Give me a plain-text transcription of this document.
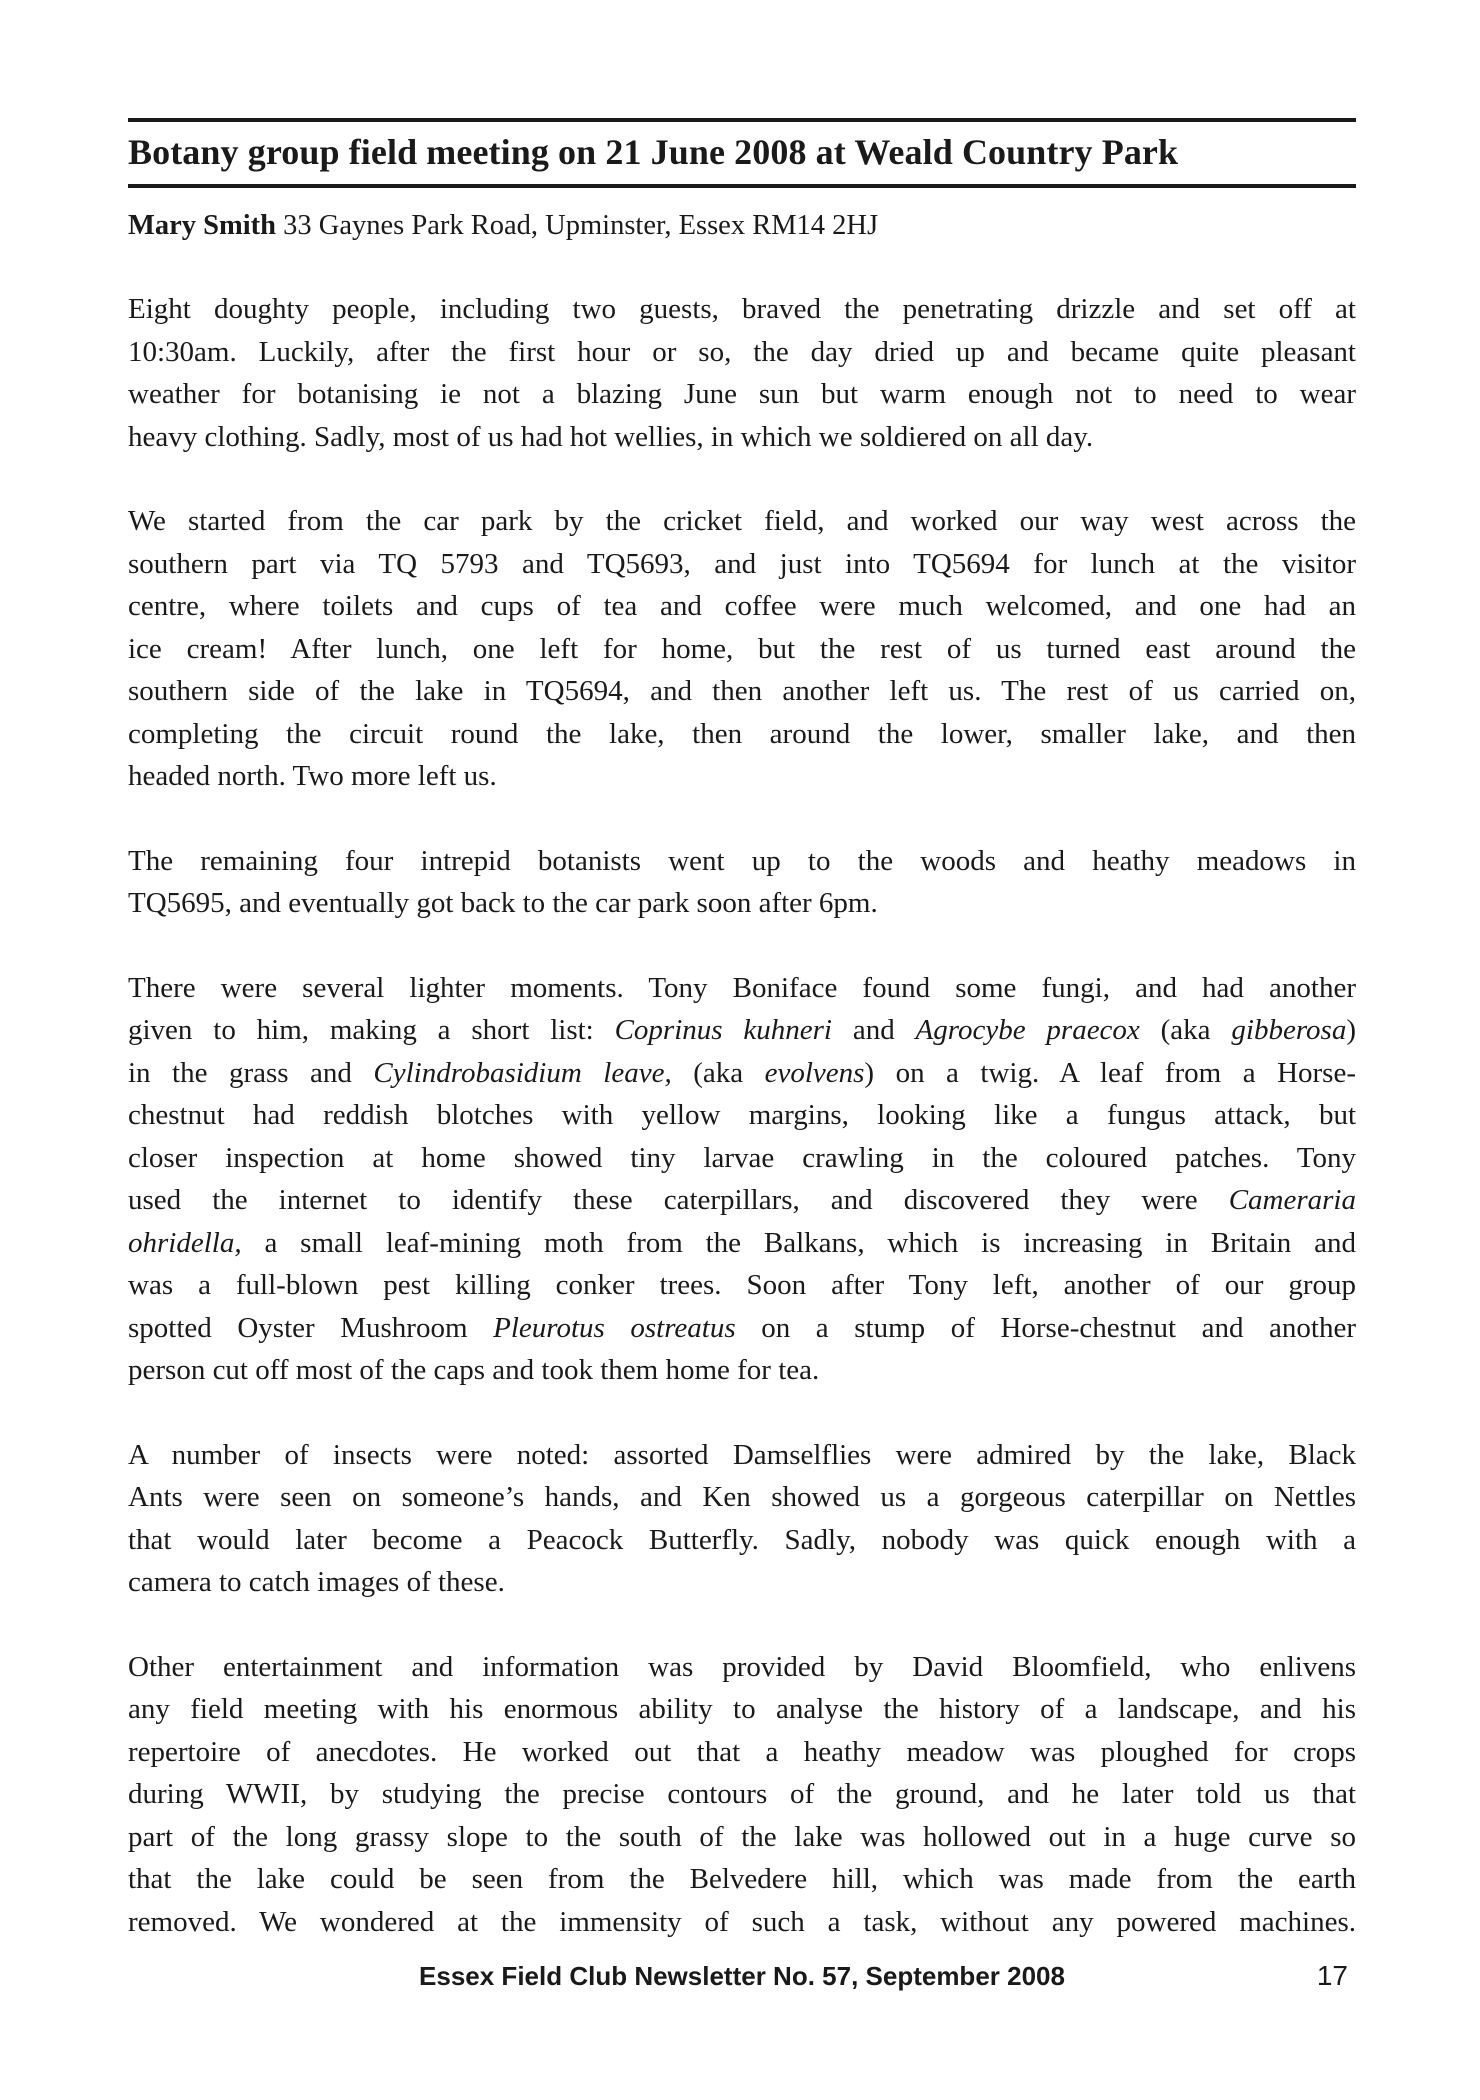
Botany group field meeting on 21 June 2008 at Weald Country Park
Mary Smith 33 Gaynes Park Road, Upminster, Essex RM14 2HJ
Eight doughty people, including two guests, braved the penetrating drizzle and set off at
10:30am. Luckily, after the first hour or so, the day dried up and became quite pleasant
weather for botanising ie not a blazing June sun but warm enough not to need to wear
heavy clothing. Sadly, most of us had hot wellies, in which we soldiered on all day.
We started from the car park by the cricket field, and worked our way west across the
southern part via TQ 5793 and TQ5693, and just into TQ5694 for lunch at the visitor
centre, where toilets and cups of tea and coffee were much welcomed, and one had an
ice cream! After lunch, one left for home, but the rest of us turned east around the
southern side of the lake in TQ5694, and then another left us. The rest of us carried on,
completing the circuit round the lake, then around the lower, smaller lake, and then
headed north. Two more left us.
The remaining four intrepid botanists went up to the woods and heathy meadows in
TQ5695, and eventually got back to the car park soon after 6pm.
There were several lighter moments. Tony Boniface found some fungi, and had another
given to him, making a short list: Coprinus kuhneri and Agrocybe praecox (aka gibberosa)
in the grass and Cylindrobasidium leave, (aka evolvens) on a twig. A leaf from a Horse-
chestnut had reddish blotches with yellow margins, looking like a fungus attack, but
closer inspection at home showed tiny larvae crawling in the coloured patches. Tony
used the internet to identify these caterpillars, and discovered they were Cameraria
ohridella, a small leaf-mining moth from the Balkans, which is increasing in Britain and
was a full-blown pest killing conker trees. Soon after Tony left, another of our group
spotted Oyster Mushroom Pleurotus ostreatus on a stump of Horse-chestnut and another
person cut off most of the caps and took them home for tea.
A number of insects were noted: assorted Damselflies were admired by the lake, Black
Ants were seen on someone’s hands, and Ken showed us a gorgeous caterpillar on Nettles
that would later become a Peacock Butterfly. Sadly, nobody was quick enough with a
camera to catch images of these.
Other entertainment and information was provided by David Bloomfield, who enlivens
any field meeting with his enormous ability to analyse the history of a landscape, and his
repertoire of anecdotes. He worked out that a heathy meadow was ploughed for crops
during WWII, by studying the precise contours of the ground, and he later told us that
part of the long grassy slope to the south of the lake was hollowed out in a huge curve so
that the lake could be seen from the Belvedere hill, which was made from the earth
removed. We wondered at the immensity of such a task, without any powered machines.
Essex Field Club Newsletter No. 57, September 2008	17
